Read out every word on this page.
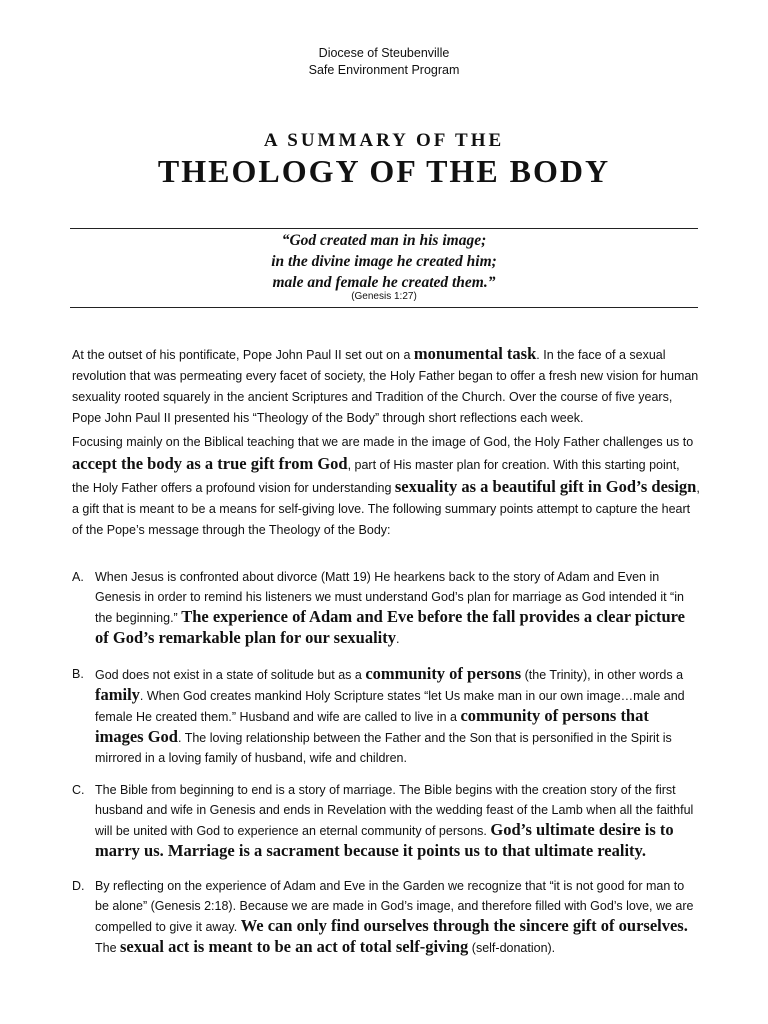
Diocese of Steubenville
Safe Environment Program
A SUMMARY OF THE
THEOLOGY OF THE BODY
“God created man in his image;
in the divine image he created him;
male and female he created them.”
(Genesis 1:27)
At the outset of his pontificate, Pope John Paul II set out on a monumental task. In the face of a sexual revolution that was permeating every facet of society, the Holy Father began to offer a fresh new vision for human sexuality rooted squarely in the ancient Scriptures and Tradition of the Church. Over the course of five years, Pope John Paul II presented his “Theology of the Body” through short reflections each week.
Focusing mainly on the Biblical teaching that we are made in the image of God, the Holy Father challenges us to accept the body as a true gift from God, part of His master plan for creation. With this starting point, the Holy Father offers a profound vision for understanding sexuality as a beautiful gift in God’s design, a gift that is meant to be a means for self-giving love. The following summary points attempt to capture the heart of the Pope’s message through the Theology of the Body:
A. When Jesus is confronted about divorce (Matt 19) He hearkens back to the story of Adam and Even in Genesis in order to remind his listeners we must understand God’s plan for marriage as God intended it “in the beginning.” The experience of Adam and Eve before the fall provides a clear picture of God’s remarkable plan for our sexuality.
B. God does not exist in a state of solitude but as a community of persons (the Trinity), in other words a family. When God creates mankind Holy Scripture states “let Us make man in our own image…male and female He created them.” Husband and wife are called to live in a community of persons that images God. The loving relationship between the Father and the Son that is personified in the Spirit is mirrored in a loving family of husband, wife and children.
C. The Bible from beginning to end is a story of marriage. The Bible begins with the creation story of the first husband and wife in Genesis and ends in Revelation with the wedding feast of the Lamb when all the faithful will be united with God to experience an eternal community of persons. God’s ultimate desire is to marry us. Marriage is a sacrament because it points us to that ultimate reality.
D. By reflecting on the experience of Adam and Eve in the Garden we recognize that “it is not good for man to be alone” (Genesis 2:18). Because we are made in God’s image, and therefore filled with God’s love, we are compelled to give it away. We can only find ourselves through the sincere gift of ourselves. The sexual act is meant to be an act of total self-giving (self-donation).
